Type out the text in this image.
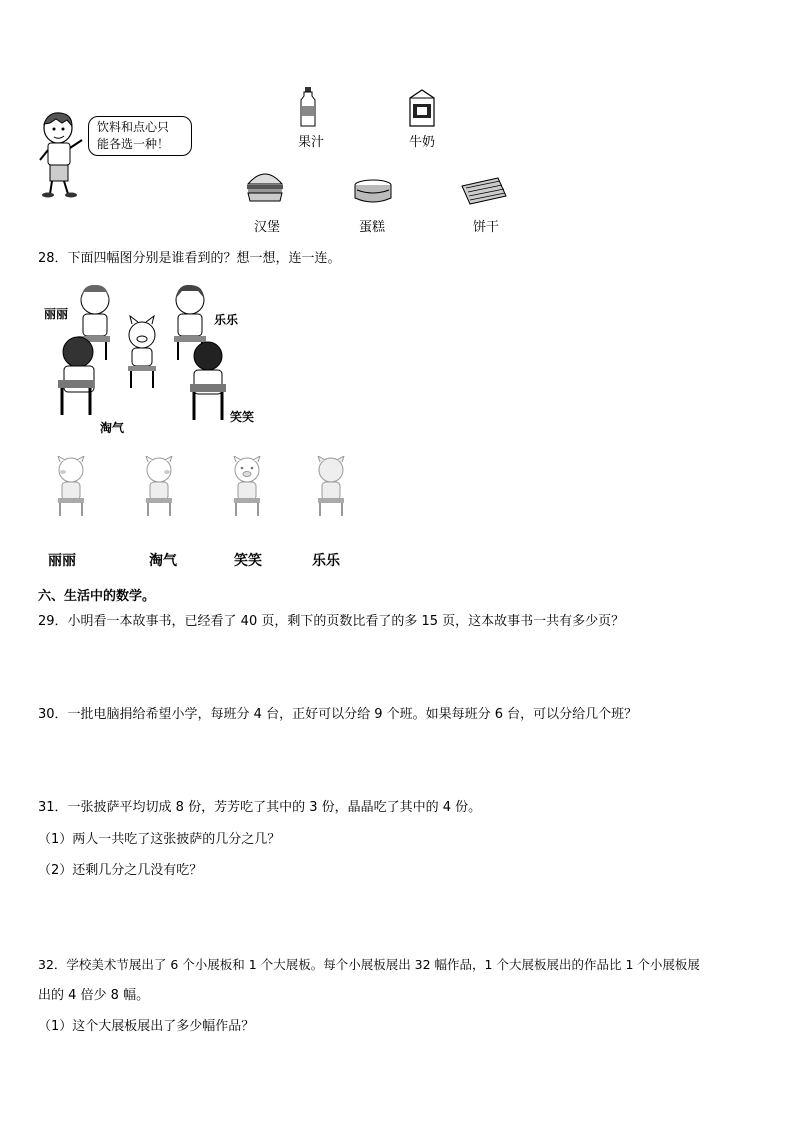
饮料和点心只
能各选一种！	果汁	牛奶
汉堡	蛋糕	饼干
28．下面四幅图分别是谁看到的？想一想，连一连。
丽丽	乐乐
淘气
笑笑
丽丽	淘气	笑笑	乐乐
六、生活中的数学。
29．小明看一本故事书，已经看了 40 页，剩下的页数比看了的多 15 页，这本故事书一共有多少页？
30．一批电脑捐给希望小学，每班分 4 台，正好可以分给 9 个班。如果每班分 6 台，可以分给几个班？
31．一张披萨平均切成 8 份，芳芳吃了其中的 3 份，晶晶吃了其中的 4 份。
（1）两人一共吃了这张披萨的几分之几？
（2）还剩几分之几没有吃？
32．学校美术节展出了 6 个小展板和 1 个大展板。每个小展板展出 32 幅作品，1 个大展板展出的作品比 1 个小展板展
出的 4 倍少 8 幅。
（1）这个大展板展出了多少幅作品？
